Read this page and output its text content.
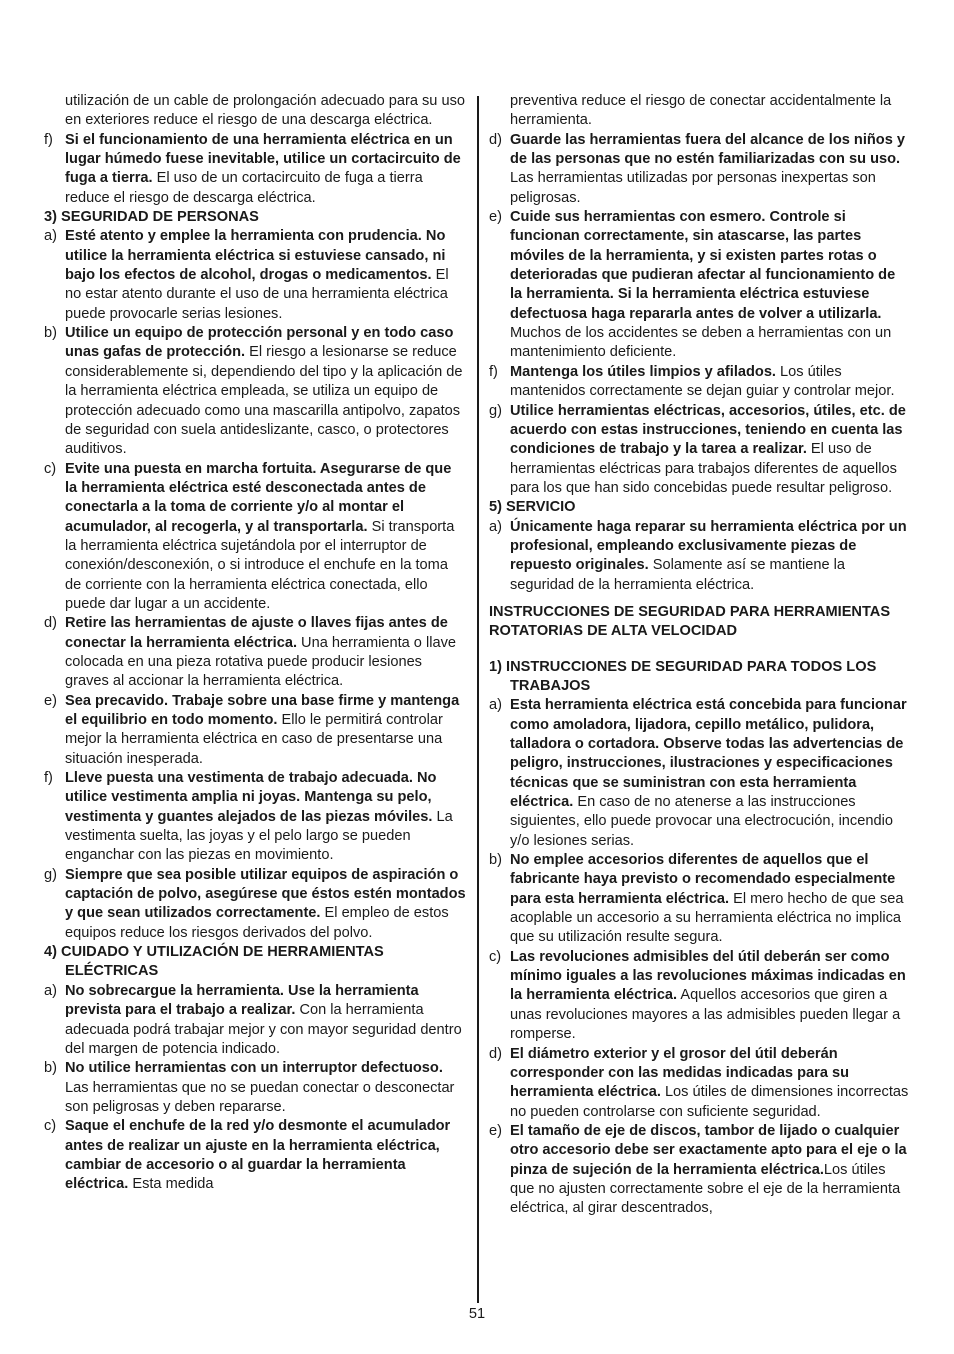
utilización de un cable de prolongación adecuado para su uso en exteriores reduce el riesgo de una descarga eléctrica.

f) Si el funcionamiento de una herramienta eléctrica en un lugar húmedo fuese inevitable, utilice un cortacircuito de fuga a tierra. El uso de un cortacircuito de fuga a tierra reduce el riesgo de descarga eléctrica.

3) SEGURIDAD DE PERSONAS

a) Esté atento y emplee la herramienta con prudencia. No utilice la herramienta eléctrica si estuviese cansado, ni bajo los efectos de alcohol, drogas o medicamentos. El no estar atento durante el uso de una herramienta eléctrica puede provocarle serias lesiones.
b) Utilice un equipo de protección personal y en todo caso unas gafas de protección. El riesgo a lesionarse se reduce considerablemente si, dependiendo del tipo y la aplicación de la herramienta eléctrica empleada, se utiliza un equipo de protección adecuado como una mascarilla antipolvo, zapatos de seguridad con suela antideslizante, casco, o protectores auditivos.
c) Evite una puesta en marcha fortuita. Asegurarse de que la herramienta eléctrica esté desconectada antes de conectarla a la toma de corriente y/o al montar el acumulador, al recogerla, y al transportarla. Si transporta la herramienta eléctrica sujetándola por el interruptor de conexión/desconexión, o si introduce el enchufe en la toma de corriente con la herramienta eléctrica conectada, ello puede dar lugar a un accidente.
d) Retire las herramientas de ajuste o llaves fijas antes de conectar la herramienta eléctrica. Una herramienta o llave colocada en una pieza rotativa puede producir lesiones graves al accionar la herramienta eléctrica.
e) Sea precavido. Trabaje sobre una base firme y mantenga el equilibrio en todo momento. Ello le permitirá controlar mejor la herramienta eléctrica en caso de presentarse una situación inesperada.
f) Lleve puesta una vestimenta de trabajo adecuada. No utilice vestimenta amplia ni joyas. Mantenga su pelo, vestimenta y guantes alejados de las piezas móviles. La vestimenta suelta, las joyas y el pelo largo se pueden enganchar con las piezas en movimiento.
g) Siempre que sea posible utilizar equipos de aspiración o captación de polvo, asegúrese que éstos estén montados y que sean utilizados correctamente. El empleo de estos equipos reduce los riesgos derivados del polvo.

4) CUIDADO Y UTILIZACIÓN DE HERRAMIENTAS ELÉCTRICAS

a) No sobrecargue la herramienta. Use la herramienta prevista para el trabajo a realizar. Con la herramienta adecuada podrá trabajar mejor y con mayor seguridad dentro del margen de potencia indicado.
b) No utilice herramientas con un interruptor defectuoso. Las herramientas que no se puedan conectar o desconectar son peligrosas y deben repararse.
c) Saque el enchufe de la red y/o desmonte el acumulador antes de realizar un ajuste en la herramienta eléctrica, cambiar de accesorio o al guardar la herramienta eléctrica. Esta medida

preventiva reduce el riesgo de conectar accidentalmente la herramienta.

d) Guarde las herramientas fuera del alcance de los niños y de las personas que no estén familiarizadas con su uso. Las herramientas utilizadas por personas inexpertas son peligrosas.
e) Cuide sus herramientas con esmero. Controle si funcionan correctamente, sin atascarse, las partes móviles de la herramienta, y si existen partes rotas o deterioradas que pudieran afectar al funcionamiento de la herramienta. Si la herramienta eléctrica estuviese defectuosa haga repararla antes de volver a utilizarla. Muchos de los accidentes se deben a herramientas con un mantenimiento deficiente.
f) Mantenga los útiles limpios y afilados. Los útiles mantenidos correctamente se dejan guiar y controlar mejor.
g) Utilice herramientas eléctricas, accesorios, útiles, etc. de acuerdo con estas instrucciones, teniendo en cuenta las condiciones de trabajo y la tarea a realizar. El uso de herramientas eléctricas para trabajos diferentes de aquellos para los que han sido concebidas puede resultar peligroso.

5) SERVICIO

a) Únicamente haga reparar su herramienta eléctrica por un profesional, empleando exclusivamente piezas de repuesto originales. Solamente así se mantiene la seguridad de la herramienta eléctrica.

INSTRUCCIONES DE SEGURIDAD PARA HERRAMIENTAS ROTATORIAS DE ALTA VELOCIDAD

1) INSTRUCCIONES DE SEGURIDAD PARA TODOS LOS TRABAJOS

a) Esta herramienta eléctrica está concebida para funcionar como amoladora, lijadora, cepillo metálico, pulidora, talladora o cortadora. Observe todas las advertencias de peligro, instrucciones, ilustraciones y especificaciones técnicas que se suministran con esta herramienta eléctrica. En caso de no atenerse a las instrucciones siguientes, ello puede provocar una electrocución, incendio y/o lesiones serias.
b) No emplee accesorios diferentes de aquellos que el fabricante haya previsto o recomendado especialmente para esta herramienta eléctrica. El mero hecho de que sea acoplable un accesorio a su herramienta eléctrica no implica que su utilización resulte segura.
c) Las revoluciones admisibles del útil deberán ser como mínimo iguales a las revoluciones máximas indicadas en la herramienta eléctrica. Aquellos accesorios que giren a unas revoluciones mayores a las admisibles pueden llegar a romperse.
d) El diámetro exterior y el grosor del útil deberán corresponder con las medidas indicadas para su herramienta eléctrica. Los útiles de dimensiones incorrectas no pueden controlarse con suficiente seguridad.
e) El tamaño de eje de discos, tambor de lijado o cualquier otro accesorio debe ser exactamente apto para el eje o la pinza de sujeción de la herramienta eléctrica.Los útiles que no ajusten correctamente sobre el eje de la herramienta eléctrica, al girar descentrados,
51
